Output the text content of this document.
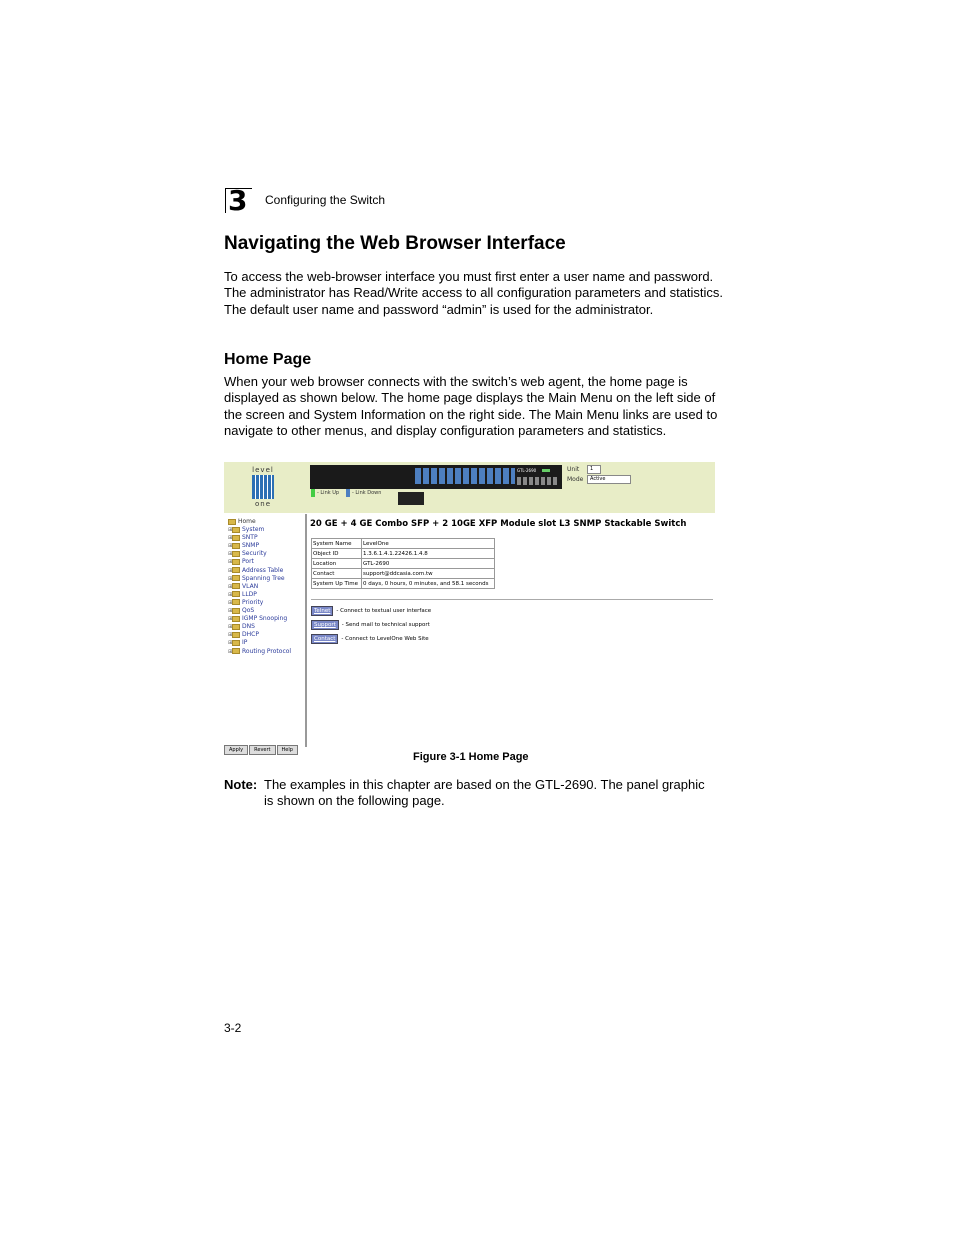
3 Configuring the Switch
Navigating the Web Browser Interface

To access the web-browser interface you must first enter a user name and password. The administrator has Read/Write access to all configuration parameters and statistics. The default user name and password “admin” is used for the administrator.

Home Page

When your web browser connects with the switch’s web agent, the home page is displayed as shown below. The home page displays the Main Menu on the left side of the screen and System Information on the right side. The Main Menu links are used to navigate to other menus, and display configuration parameters and statistics.

level
one
GTL-2690
- Link Up	- Link Down
Unit	1
Mode	Active
Home
⊞ System
⊞ SNTP
⊞ SNMP
⊞ Security
⊞ Port
⊞ Address Table
⊞ Spanning Tree
⊞ VLAN
⊞ LLDP
⊞ Priority
⊞ QoS
⊞ IGMP Snooping
⊞ DNS
⊞ DHCP
⊞ IP
⊞ Routing Protocol
Apply Revert Help
20 GE + 4 GE Combo SFP + 2 10GE XFP Module slot L3 SNMP Stackable Switch
System Name	LevelOne
Object ID	1.3.6.1.4.1.22426.1.4.8
Location	GTL-2690
Contact	support@ddcasia.com.tw
System Up Time	0 days, 0 hours, 0 minutes, and 58.1 seconds
Telnet - Connect to textual user interface
Support - Send mail to technical support
Contact - Connect to LevelOne Web Site
Figure 3-1 Home Page
Note: The examples in this chapter are based on the GTL-2690. The panel graphic is shown on the following page.

3-2
